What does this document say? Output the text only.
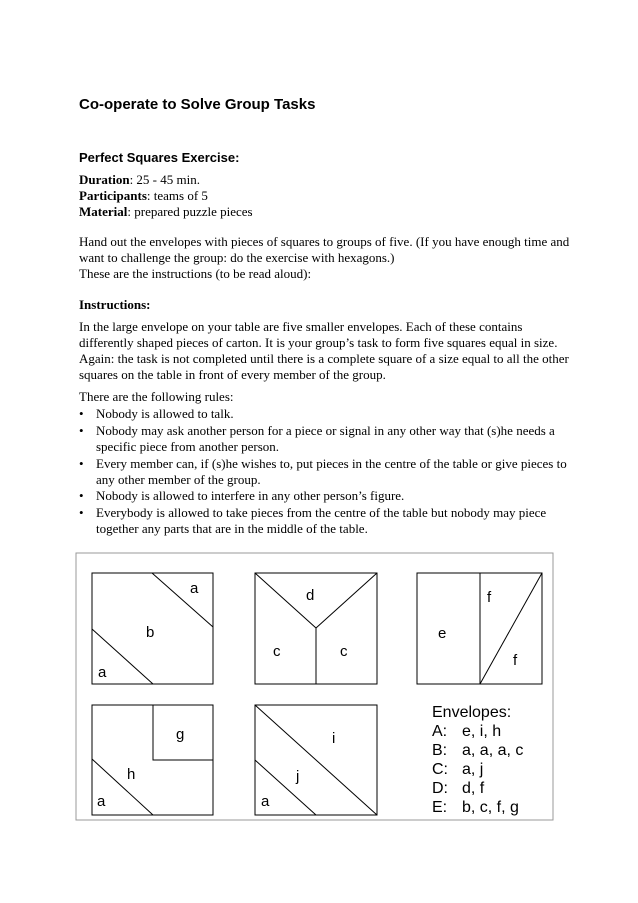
Co-operate to Solve Group Tasks
Perfect Squares Exercise:
Duration: 25 - 45 min.
Participants: teams of 5
Material: prepared puzzle pieces
Hand out the envelopes with pieces of squares to groups of five. (If you have enough time and
want to challenge the group: do the exercise with hexagons.)
These are the instructions (to be read aloud):
Instructions:
In the large envelope on your table are five smaller envelopes. Each of these contains
differently shaped pieces of carton. It is your group’s task to form five squares equal in size.
Again: the task is not completed until there is a complete square of a size equal to all the other
squares on the table in front of every member of the group.
There are the following rules:
• Nobody is allowed to talk.
• Nobody may ask another person for a piece or signal in any other way that (s)he needs a
specific piece from another person.
• Every member can, if (s)he wishes to, put pieces in the centre of the table or give pieces to
any other member of the group.
• Nobody is allowed to interfere in any other person’s figure.
• Everybody is allowed to take pieces from the centre of the table but nobody may piece
together any parts that are in the middle of the table.
a
b
a
d
c	c
f
e
f
g
h
a
i
j
a
Envelopes:
A: e, i, h
B: a, a, a, c
C: a, j
D: d, f
E: b, c, f, g
